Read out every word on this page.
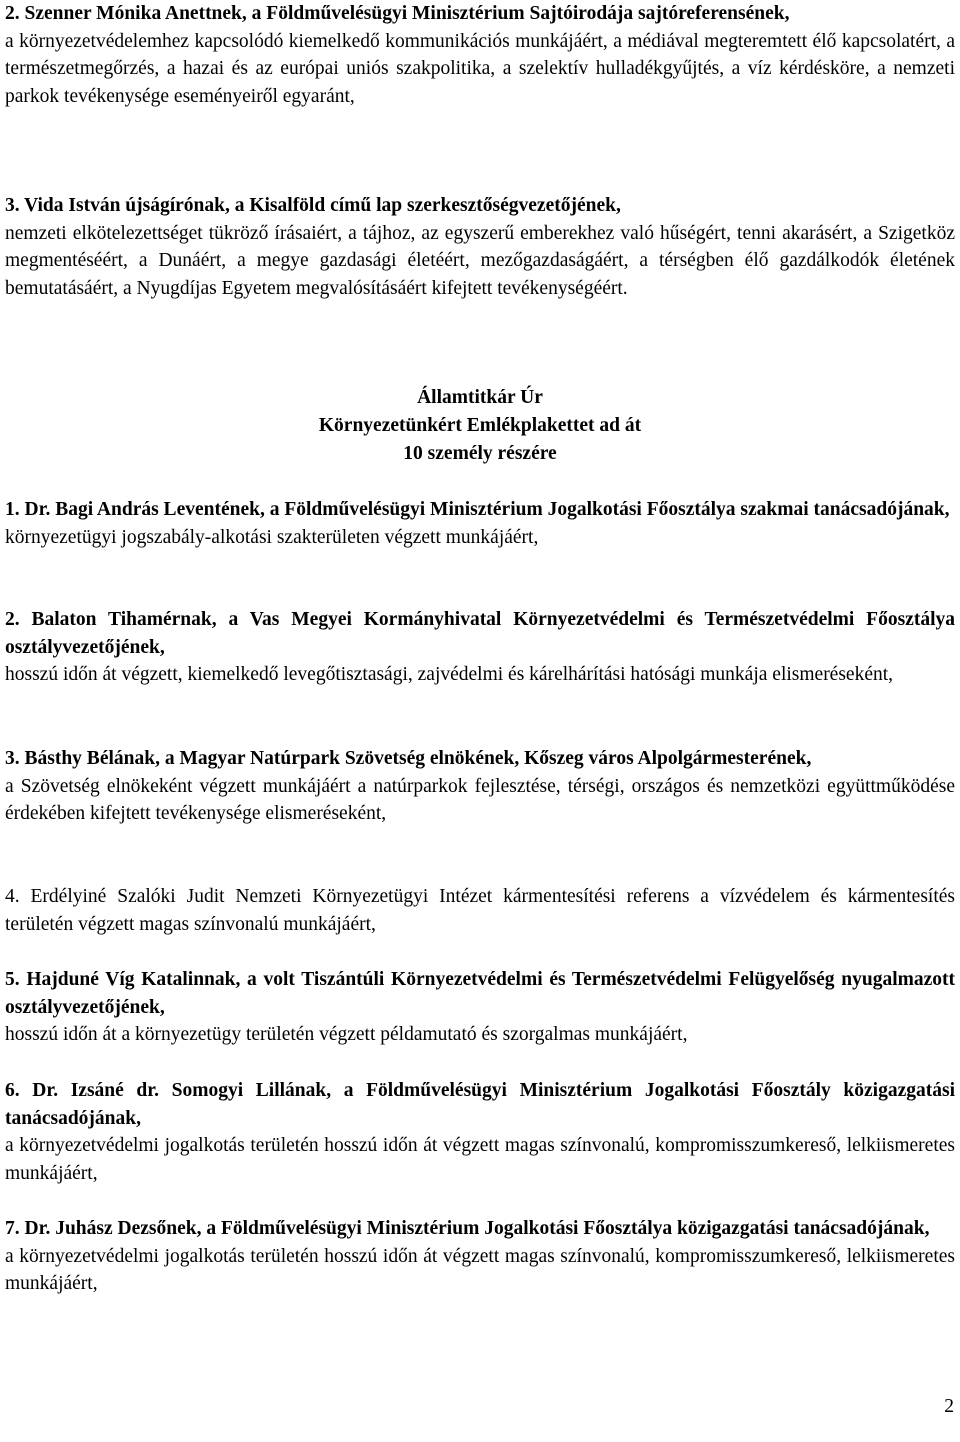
2. Szenner Mónika Anettnek, a Földművelésügyi Minisztérium Sajtóirodája sajtóreferensének,

a környezetvédelemhez kapcsolódó kiemelkedő kommunikációs munkájáért, a médiával megteremtett élő kapcsolatért, a természetmegőrzés, a hazai és az európai uniós szakpolitika, a szelektív hulladékgyűjtés, a víz kérdésköre, a nemzeti parkok tevékenysége eseményeiről egyaránt,

3. Vida István újságírónak, a Kisalföld című lap szerkesztőségvezetőjének,

nemzeti elkötelezettséget tükröző írásaiért, a tájhoz, az egyszerű emberekhez való hűségért, tenni akarásért, a Szigetköz megmentéséért, a Dunáért, a megye gazdasági életéért, mezőgazdaságáért, a térségben élő gazdálkodók életének bemutatásáért, a Nyugdíjas Egyetem megvalósításáért kifejtett tevékenységéért.

Államtitkár Úr
Környezetünkért Emlékplakettet ad át
10 személy részére

1. Dr. Bagi András Leventének, a Földművelésügyi Minisztérium Jogalkotási Főosztálya szakmai tanácsadójának,

környezetügyi jogszabály-alkotási szakterületen végzett munkájáért,

2. Balaton Tihamérnak, a Vas Megyei Kormányhivatal Környezetvédelmi és Természetvédelmi Főosztálya osztályvezetőjének,

hosszú időn át végzett, kiemelkedő levegőtisztasági, zajvédelmi és kárelhárítási hatósági munkája elismeréseként,

3. Básthy Bélának, a Magyar Natúrpark Szövetség elnökének, Kőszeg város Alpolgármesterének,

a Szövetség elnökeként végzett munkájáért a natúrparkok fejlesztése, térségi, országos és nemzetközi együttműködése érdekében kifejtett tevékenysége elismeréseként,

4. Erdélyiné Szalóki Judit Nemzeti Környezetügyi Intézet kármentesítési referens a vízvédelem és kármentesítés területén végzett magas színvonalú munkájáért,

5. Hajduné Víg Katalinnak, a volt Tiszántúli Környezetvédelmi és Természetvédelmi Felügyelőség nyugalmazott osztályvezetőjének,

hosszú időn át a környezetügy területén végzett példamutató és szorgalmas munkájáért,

6. Dr. Izsáné dr. Somogyi Lillának, a Földművelésügyi Minisztérium Jogalkotási Főosztály közigazgatási tanácsadójának,

a környezetvédelmi jogalkotás területén hosszú időn át végzett magas színvonalú, kompromisszumkereső, lelkiismeretes munkájáért,

7. Dr. Juhász Dezsőnek, a Földművelésügyi Minisztérium Jogalkotási Főosztálya közigazgatási tanácsadójának,

a környezetvédelmi jogalkotás területén hosszú időn át végzett magas színvonalú, kompromisszumkereső, lelkiismeretes munkájáért,

2
